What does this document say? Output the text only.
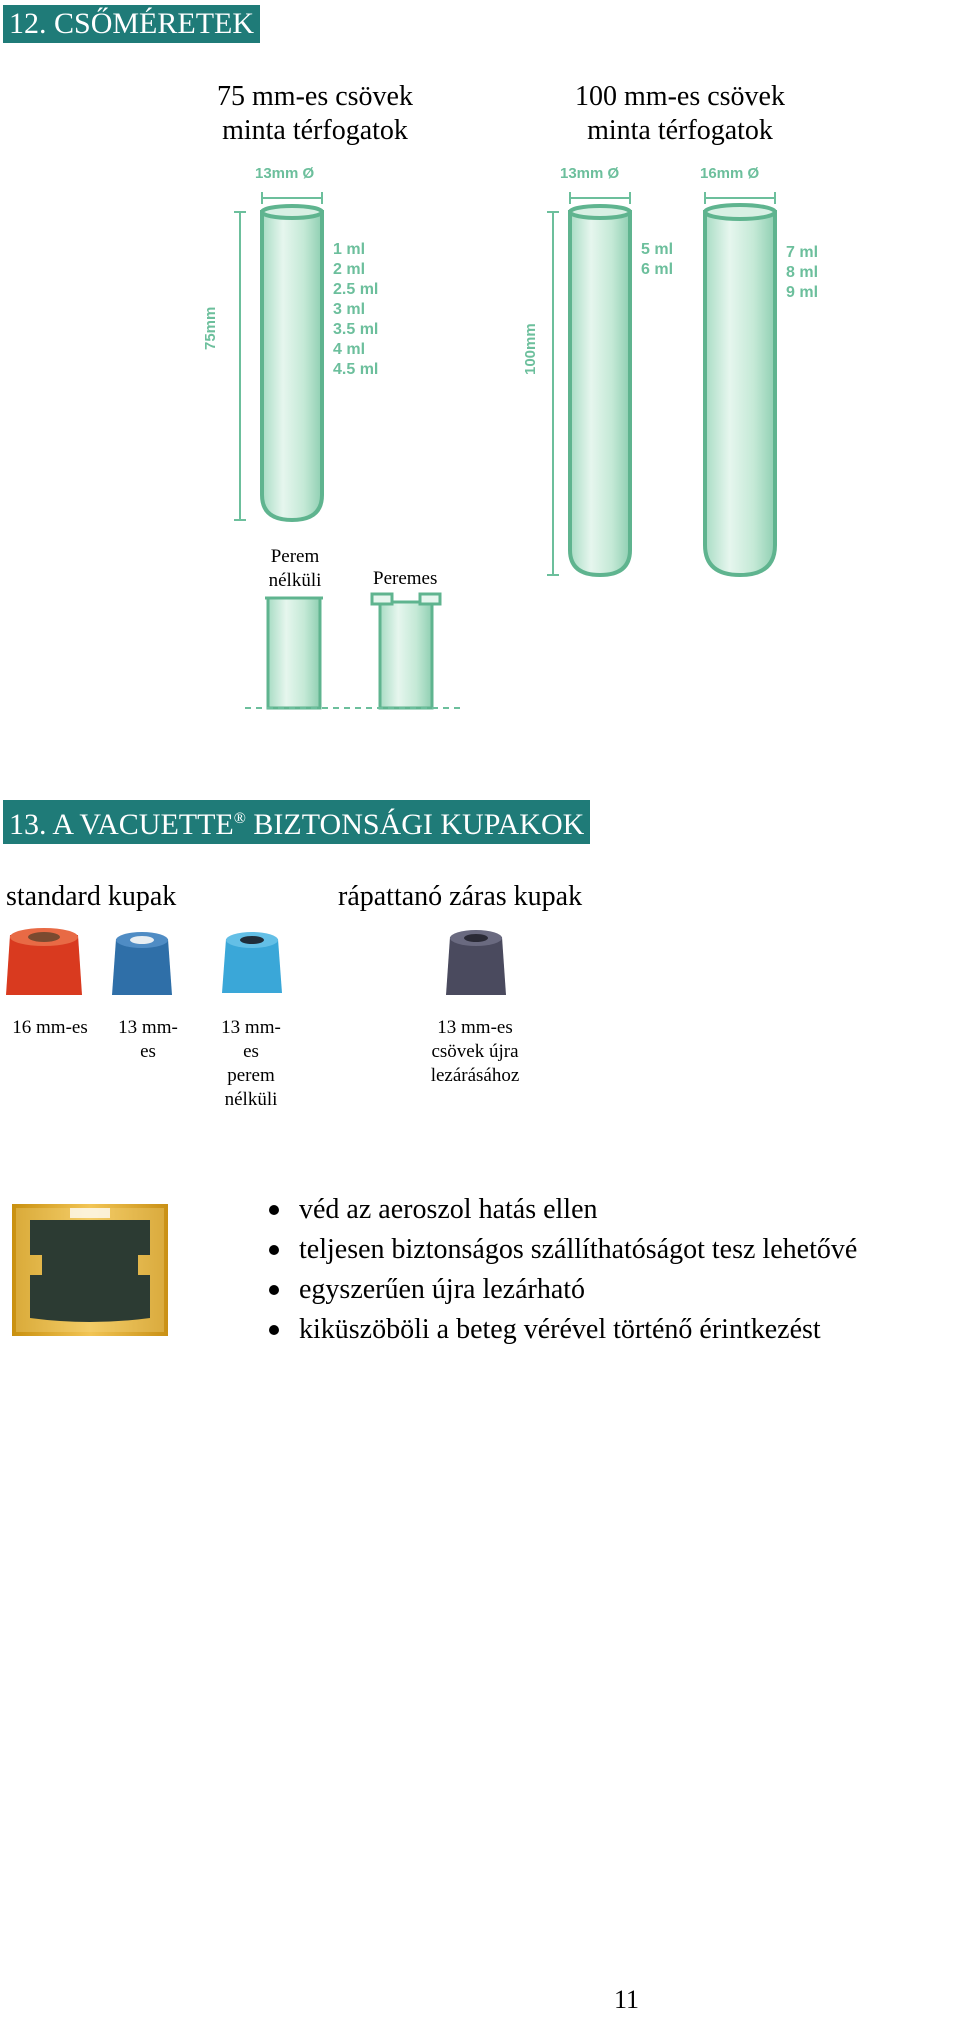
12. CSŐMÉRETEK
75 mm-es csövek
minta térfogatok
100 mm-es csövek
minta térfogatok
13mm Ø	13mm Ø	16mm Ø
75mm	100mm
1 ml
2 ml
2.5 ml
3 ml
3.5 ml
4 ml
4.5 ml
5 ml
6 ml
7 ml
8 ml
9 ml
Perem
nélküli	Peremes
13. A VACUETTE® BIZTONSÁGI KUPAKOK
standard kupak	rápattanó záras kupak
16 mm-es	13 mm-
es
13 mm-
es
perem
nélküli
13 mm-es
csövek újra
lezárásához
véd az aeroszol hatás ellen
teljesen biztonságos szállíthatóságot tesz lehetővé
egyszerűen újra lezárható
kiküszöböli a beteg vérével történő érintkezést
11
